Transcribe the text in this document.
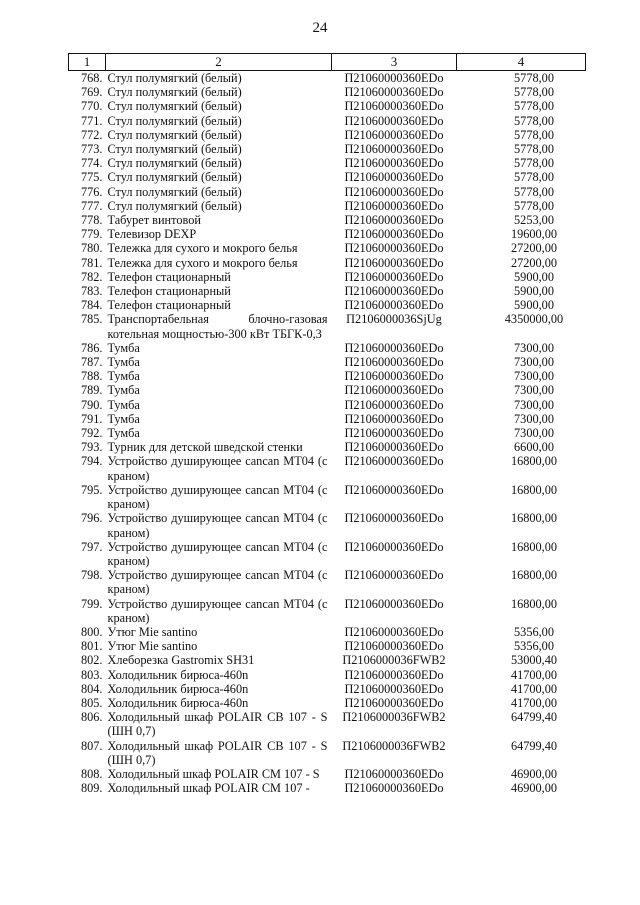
24
1	2	3	4
768.	Стул полумягкий (белый)	П21060000360EDo	5778,00
769.	Стул полумягкий (белый)	П21060000360EDo	5778,00
770.	Стул полумягкий (белый)	П21060000360EDo	5778,00
771.	Стул полумягкий (белый)	П21060000360EDo	5778,00
772.	Стул полумягкий (белый)	П21060000360EDo	5778,00
773.	Стул полумягкий (белый)	П21060000360EDo	5778,00
774.	Стул полумягкий (белый)	П21060000360EDo	5778,00
775.	Стул полумягкий (белый)	П21060000360EDo	5778,00
776.	Стул полумягкий (белый)	П21060000360EDo	5778,00
777.	Стул полумягкий (белый)	П21060000360EDo	5778,00
778.	Табурет винтовой	П21060000360EDo	5253,00
779.	Телевизор DEXP	П21060000360EDo	19600,00
780.	Тележка для сухого и мокрого белья	П21060000360EDo	27200,00
781.	Тележка для сухого и мокрого белья	П21060000360EDo	27200,00
782.	Телефон стационарный	П21060000360EDo	5900,00
783.	Телефон стационарный	П21060000360EDo	5900,00
784.	Телефон стационарный	П21060000360EDo	5900,00
785.	Транспортабельная блочно-газовая котельная мощностью-300 кВт ТБГК-0,3	П2106000036SjUg	4350000,00
786.	Тумба	П21060000360EDo	7300,00
787.	Тумба	П21060000360EDo	7300,00
788.	Тумба	П21060000360EDo	7300,00
789.	Тумба	П21060000360EDo	7300,00
790.	Тумба	П21060000360EDo	7300,00
791.	Тумба	П21060000360EDo	7300,00
792.	Тумба	П21060000360EDo	7300,00
793.	Турник для детской шведской стенки	П21060000360EDo	6600,00
794.	Устройство душирующее cancan MT04 (с краном)	П21060000360EDo	16800,00
795.	Устройство душирующее cancan MT04 (с краном)	П21060000360EDo	16800,00
796.	Устройство душирующее cancan MT04 (с краном)	П21060000360EDo	16800,00
797.	Устройство душирующее cancan MT04 (с краном)	П21060000360EDo	16800,00
798.	Устройство душирующее cancan MT04 (с краном)	П21060000360EDo	16800,00
799.	Устройство душирующее cancan MT04 (с краном)	П21060000360EDo	16800,00
800.	Утюг Mie santino	П21060000360EDo	5356,00
801.	Утюг Mie santino	П21060000360EDo	5356,00
802.	Хлеборезка Gastromix SH31	П2106000036FWB2	53000,40
803.	Холодильник бирюса-460n	П21060000360EDo	41700,00
804.	Холодильник бирюса-460n	П21060000360EDo	41700,00
805.	Холодильник бирюса-460n	П21060000360EDo	41700,00
806.	Холодильный шкаф POLAIR CB 107 - S (ШН 0,7)	П2106000036FWB2	64799,40
807.	Холодильный шкаф POLAIR CB 107 - S (ШН 0,7)	П2106000036FWB2	64799,40
808.	Холодильный шкаф POLAIR CM 107 - S	П21060000360EDo	46900,00
809.	Холодильный шкаф POLAIR CM 107 -	П21060000360EDo	46900,00
